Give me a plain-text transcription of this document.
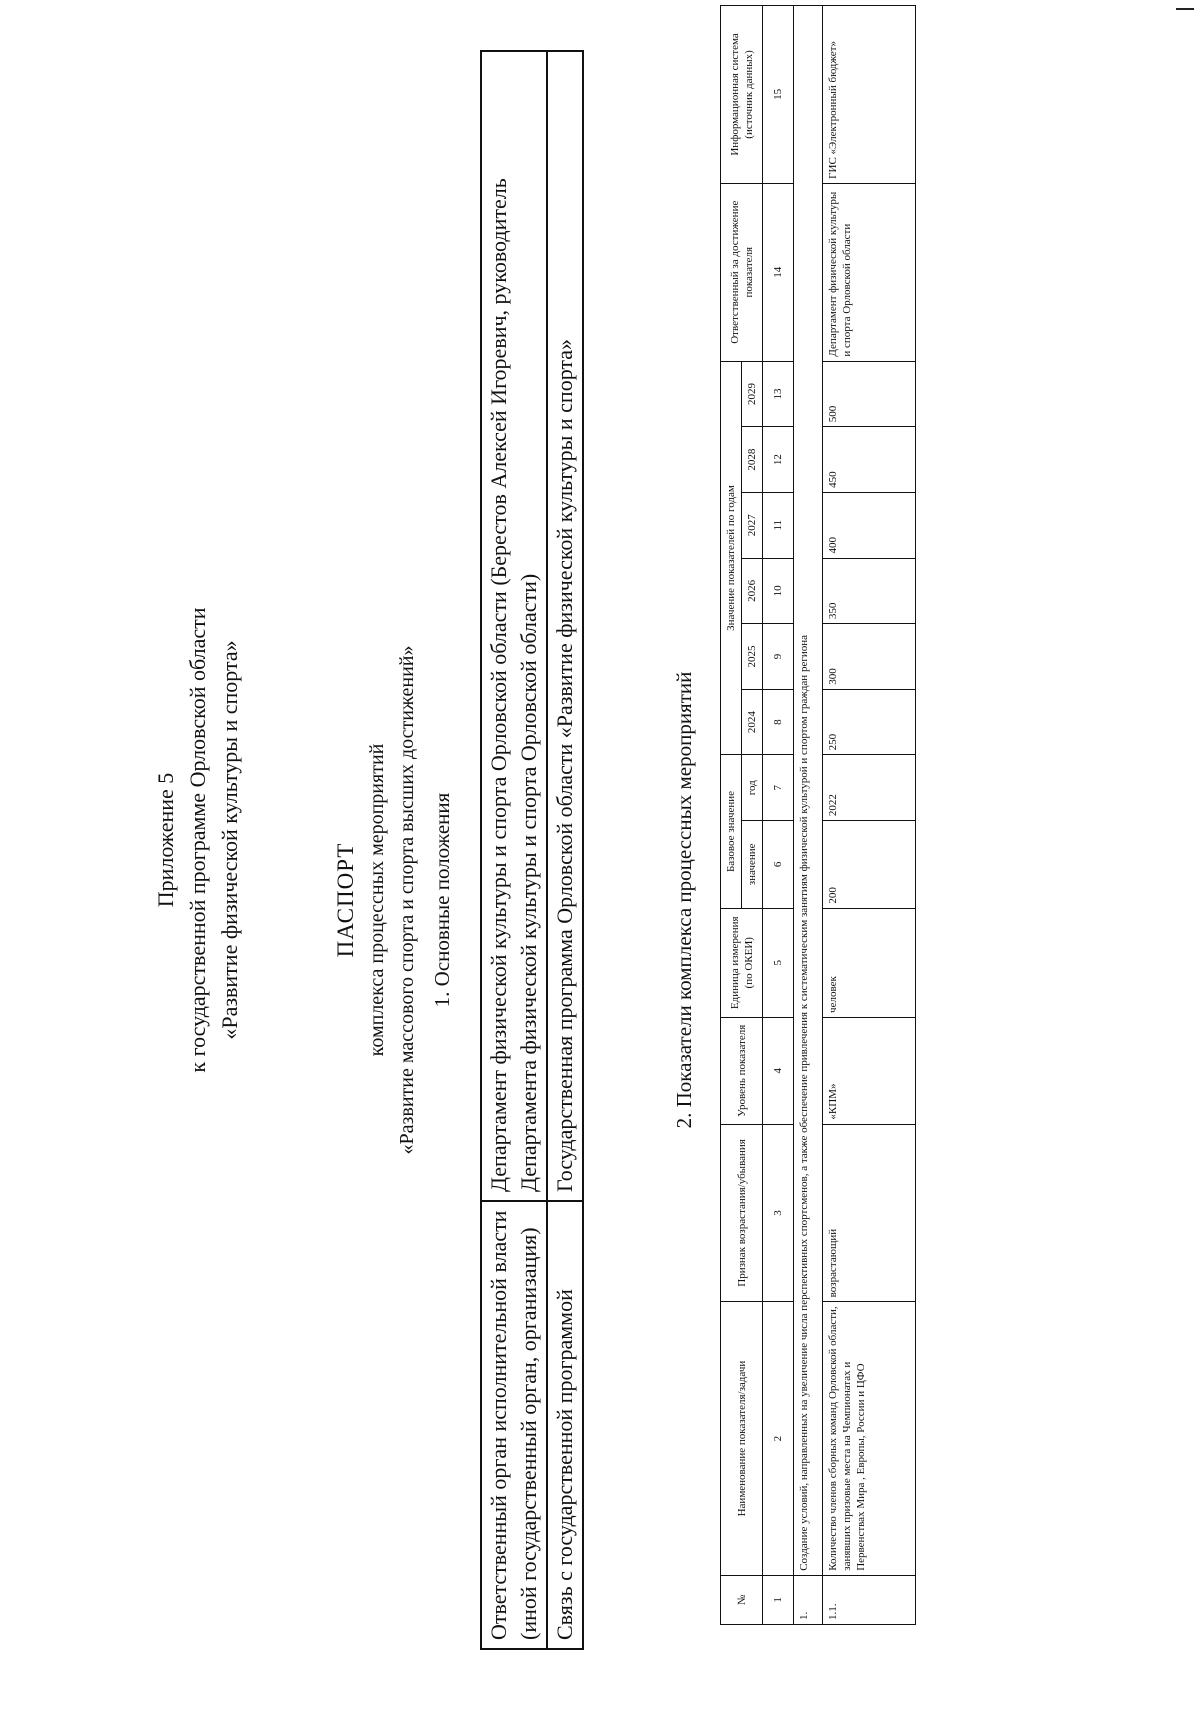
Приложение 5 к государственной программе Орловской области «Развитие физической культуры и спорта»	ПАСПОРТ комплекса процессных мероприятий «Развитие массового спорта и спорта высших достижений» 1. Основные положения
Ответственный орган исполнительной власти (иной государственный орган, организация)	Департамент физической культуры и спорта Орловской области (Берестов Алексей Игоревич, руководитель Департамента физической культуры и спорта Орловской области)
Связь с государственной программой	Государственная программа Орловской области «Развитие физической культуры и спорта»	2. Показатели комплекса процессных мероприятий
№	Наименование показателя/задачи	Признак возрастания/убывания	Уровень показателя	Единица измерения (по ОКЕИ)	Базовое значение		Значение показателей по годам						Ответственный за достижение показателя	Информационная система (источник данных)
					значение	год	2024	2025	2026	2027	2028	2029		
1	2	3	4	5	6	7	8	9	10	11	12	13	14	15
1.	Создание условий, направленных на увеличение числа перспективных спортсменов, а также обеспечение привлечения к систематическим занятиям физической культурой и спортом граждан региона													
1.1.	Количество членов сборных команд Орловской области, занявших призовые места на Чемпионатах и Первенствах Мира , Европы, России и ЦФО	возрастающий	«КПМ»	человек	200	2022	250	300	350	400	450	500	Департамент физической культуры и спорта Орловской области	ГИС «Электронный бюджет»
